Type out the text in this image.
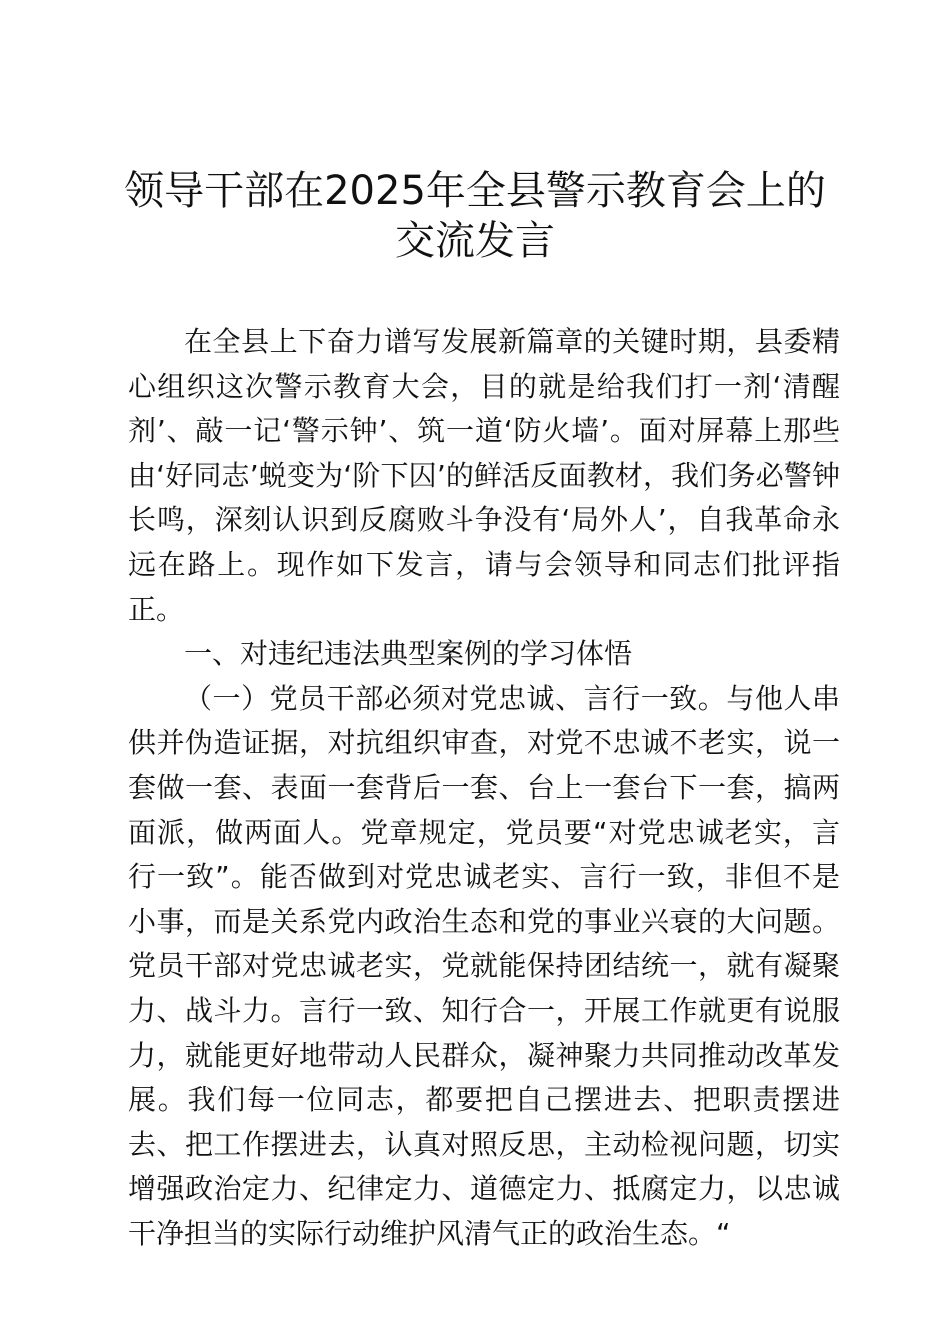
领导干部在2025年全县警示教育会上的交流发言

在全县上下奋力谱写发展新篇章的关键时期，县委精心组织这次警示教育大会，目的就是给我们打一剂‘清醒剂’、敲一记‘警示钟’、筑一道‘防火墙’。面对屏幕上那些由‘好同志’蜕变为‘阶下囚’的鲜活反面教材，我们务必警钟长鸣，深刻认识到反腐败斗争没有‘局外人’，自我革命永远在路上。现作如下发言，请与会领导和同志们批评指正。

一、对违纪违法典型案例的学习体悟

（一）党员干部必须对党忠诚、言行一致。与他人串供并伪造证据，对抗组织审查，对党不忠诚不老实，说一套做一套、表面一套背后一套、台上一套台下一套，搞两面派，做两面人。党章规定，党员要“对党忠诚老实，言行一致”。能否做到对党忠诚老实、言行一致，非但不是小事，而是关系党内政治生态和党的事业兴衰的大问题。党员干部对党忠诚老实，党就能保持团结统一，就有凝聚力、战斗力。言行一致、知行合一，开展工作就更有说服力，就能更好地带动人民群众，凝神聚力共同推动改革发展。我们每一位同志，都要把自己摆进去、把职责摆进去、把工作摆进去，认真对照反思，主动检视问题，切实增强政治定力、纪律定力、道德定力、抵腐定力，以忠诚干净担当的实际行动维护风清气正的政治生态。“
